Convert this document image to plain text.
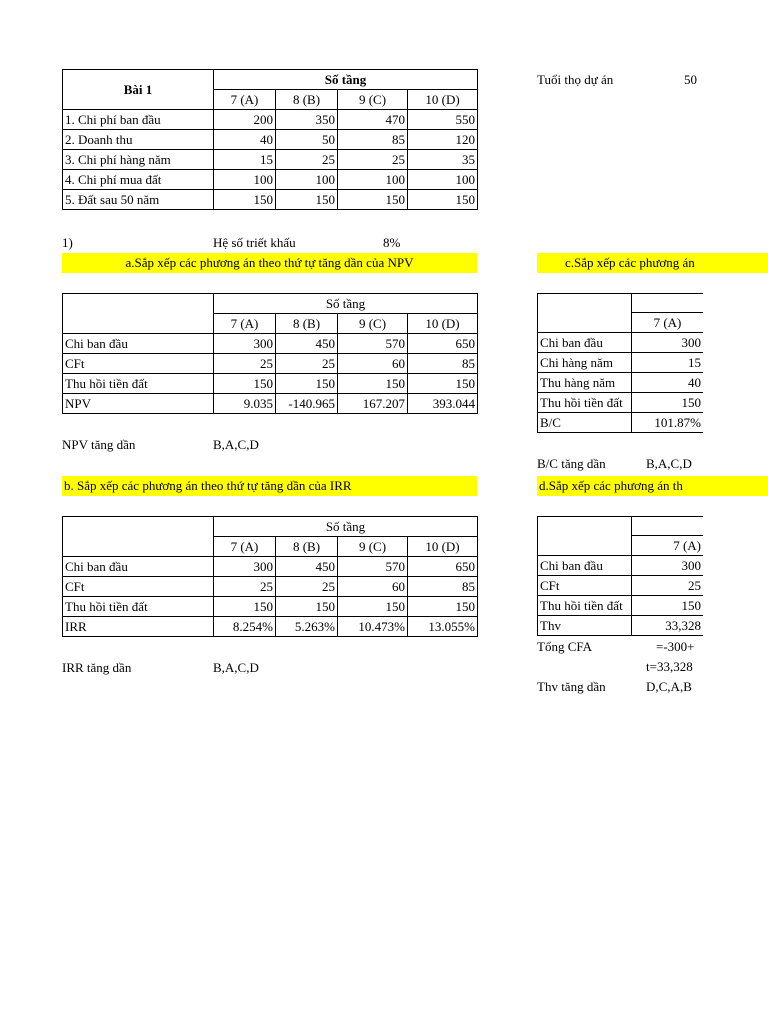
Bài 1	Số tầng			
	7 (A)	8 (B)	9 (C)	10 (D)
1. Chi phí ban đầu	200	350	470	550
2. Doanh thu	40	50	85	120
3. Chi phí hàng năm	15	25	25	35
4. Chi phí mua đất	100	100	100	100
5. Đất sau 50 năm	150	150	150	150
Tuổi thọ dự án	50
1)	Hệ số triết khấu	8%
a.Sắp xếp các phương án theo thứ tự tăng dần của NPV
	Số tầng			
	7 (A)	8 (B)	9 (C)	10 (D)
Chi ban đầu	300	450	570	650
CFt	25	25	60	85
Thu hồi tiền đất	150	150	150	150
NPV	9.035	-140.965	167.207	393.044
NPV tăng dần	B,A,C,D
b. Sắp xếp các phương án theo thứ tự tăng dần của IRR
	Số tầng			
	7 (A)	8 (B)	9 (C)	10 (D)
Chi ban đầu	300	450	570	650
CFt	25	25	60	85
Thu hồi tiền đất	150	150	150	150
IRR	8.254%	5.263%	10.473%	13.055%
IRR tăng dần	B,A,C,D
c.Sắp xếp các phương án

	7 (A)	
Chi ban đầu	300	
Chi hàng năm	15	
Thu hàng năm	40	
Thu hồi tiền đất	150	
B/C	101.87%	
B/C tăng dần	B,A,C,D
d.Sắp xếp các phương án th

	7 (A)	
Chi ban đầu	300	
CFt	25	
Thu hồi tiền đất	150	
Thv	33,328	
Tổng CFA	=-300+
t=33,328
Thv tăng dần	D,C,A,B
